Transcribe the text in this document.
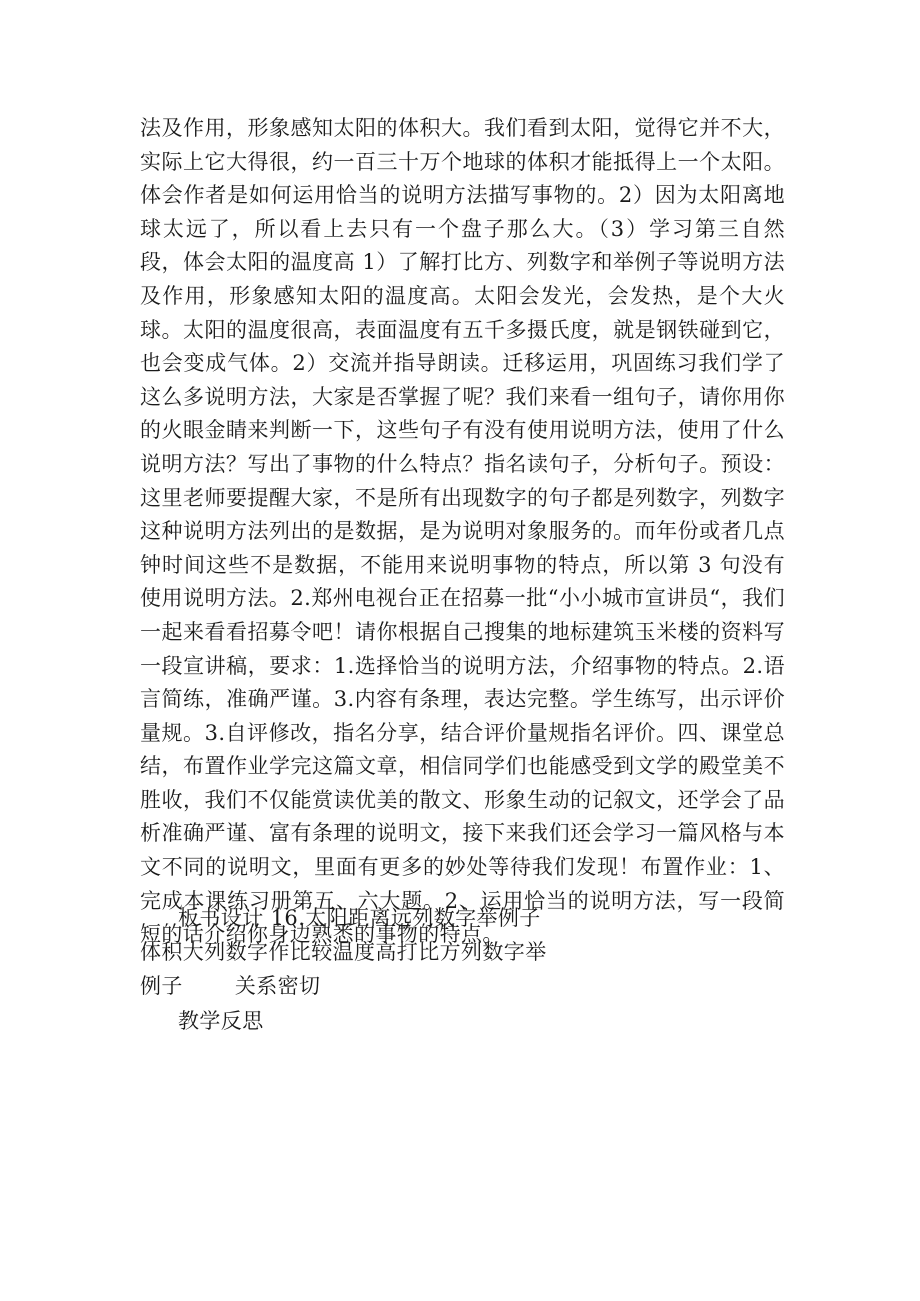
法及作用，形象感知太阳的体积大。我们看到太阳，觉得它并不大，实际上它大得很，约一百三十万个地球的体积才能抵得上一个太阳。体会作者是如何运用恰当的说明方法描写事物的。2）因为太阳离地球太远了，所以看上去只有一个盘子那么大。（3）学习第三自然段，体会太阳的温度高 1）了解打比方、列数字和举例子等说明方法及作用，形象感知太阳的温度高。太阳会发光，会发热，是个大火球。太阳的温度很高，表面温度有五千多摄氏度，就是钢铁碰到它，也会变成气体。2）交流并指导朗读。迁移运用，巩固练习我们学了这么多说明方法，大家是否掌握了呢？我们来看一组句子，请你用你的火眼金睛来判断一下，这些句子有没有使用说明方法，使用了什么说明方法？写出了事物的什么特点？指名读句子，分析句子。预设：这里老师要提醒大家，不是所有出现数字的句子都是列数字，列数字这种说明方法列出的是数据，是为说明对象服务的。而年份或者几点钟时间这些不是数据，不能用来说明事物的特点，所以第 3 句没有使用说明方法。2.郑州电视台正在招募一批“小小城市宣讲员“，我们一起来看看招募令吧！请你根据自己搜集的地标建筑玉米楼的资料写一段宣讲稿，要求：1.选择恰当的说明方法，介绍事物的特点。2.语言简练，准确严谨。3.内容有条理，表达完整。学生练写，出示评价量规。3.自评修改，指名分享，结合评价量规指名评价。四、课堂总结，布置作业学完这篇文章，相信同学们也能感受到文学的殿堂美不胜收，我们不仅能赏读优美的散文、形象生动的记叙文，还学会了品析准确严谨、富有条理的说明文，接下来我们还会学习一篇风格与本文不同的说明文，里面有更多的妙处等待我们发现！布置作业：1、完成本课练习册第五、六大题。2、运用恰当的说明方法，写一段简短的话介绍你身边熟悉的事物的特点。
板书设计 16.太阳距离远列数字举例子
体积大列数字作比较温度高打比方列数字举
例子 关系密切
教学反思
